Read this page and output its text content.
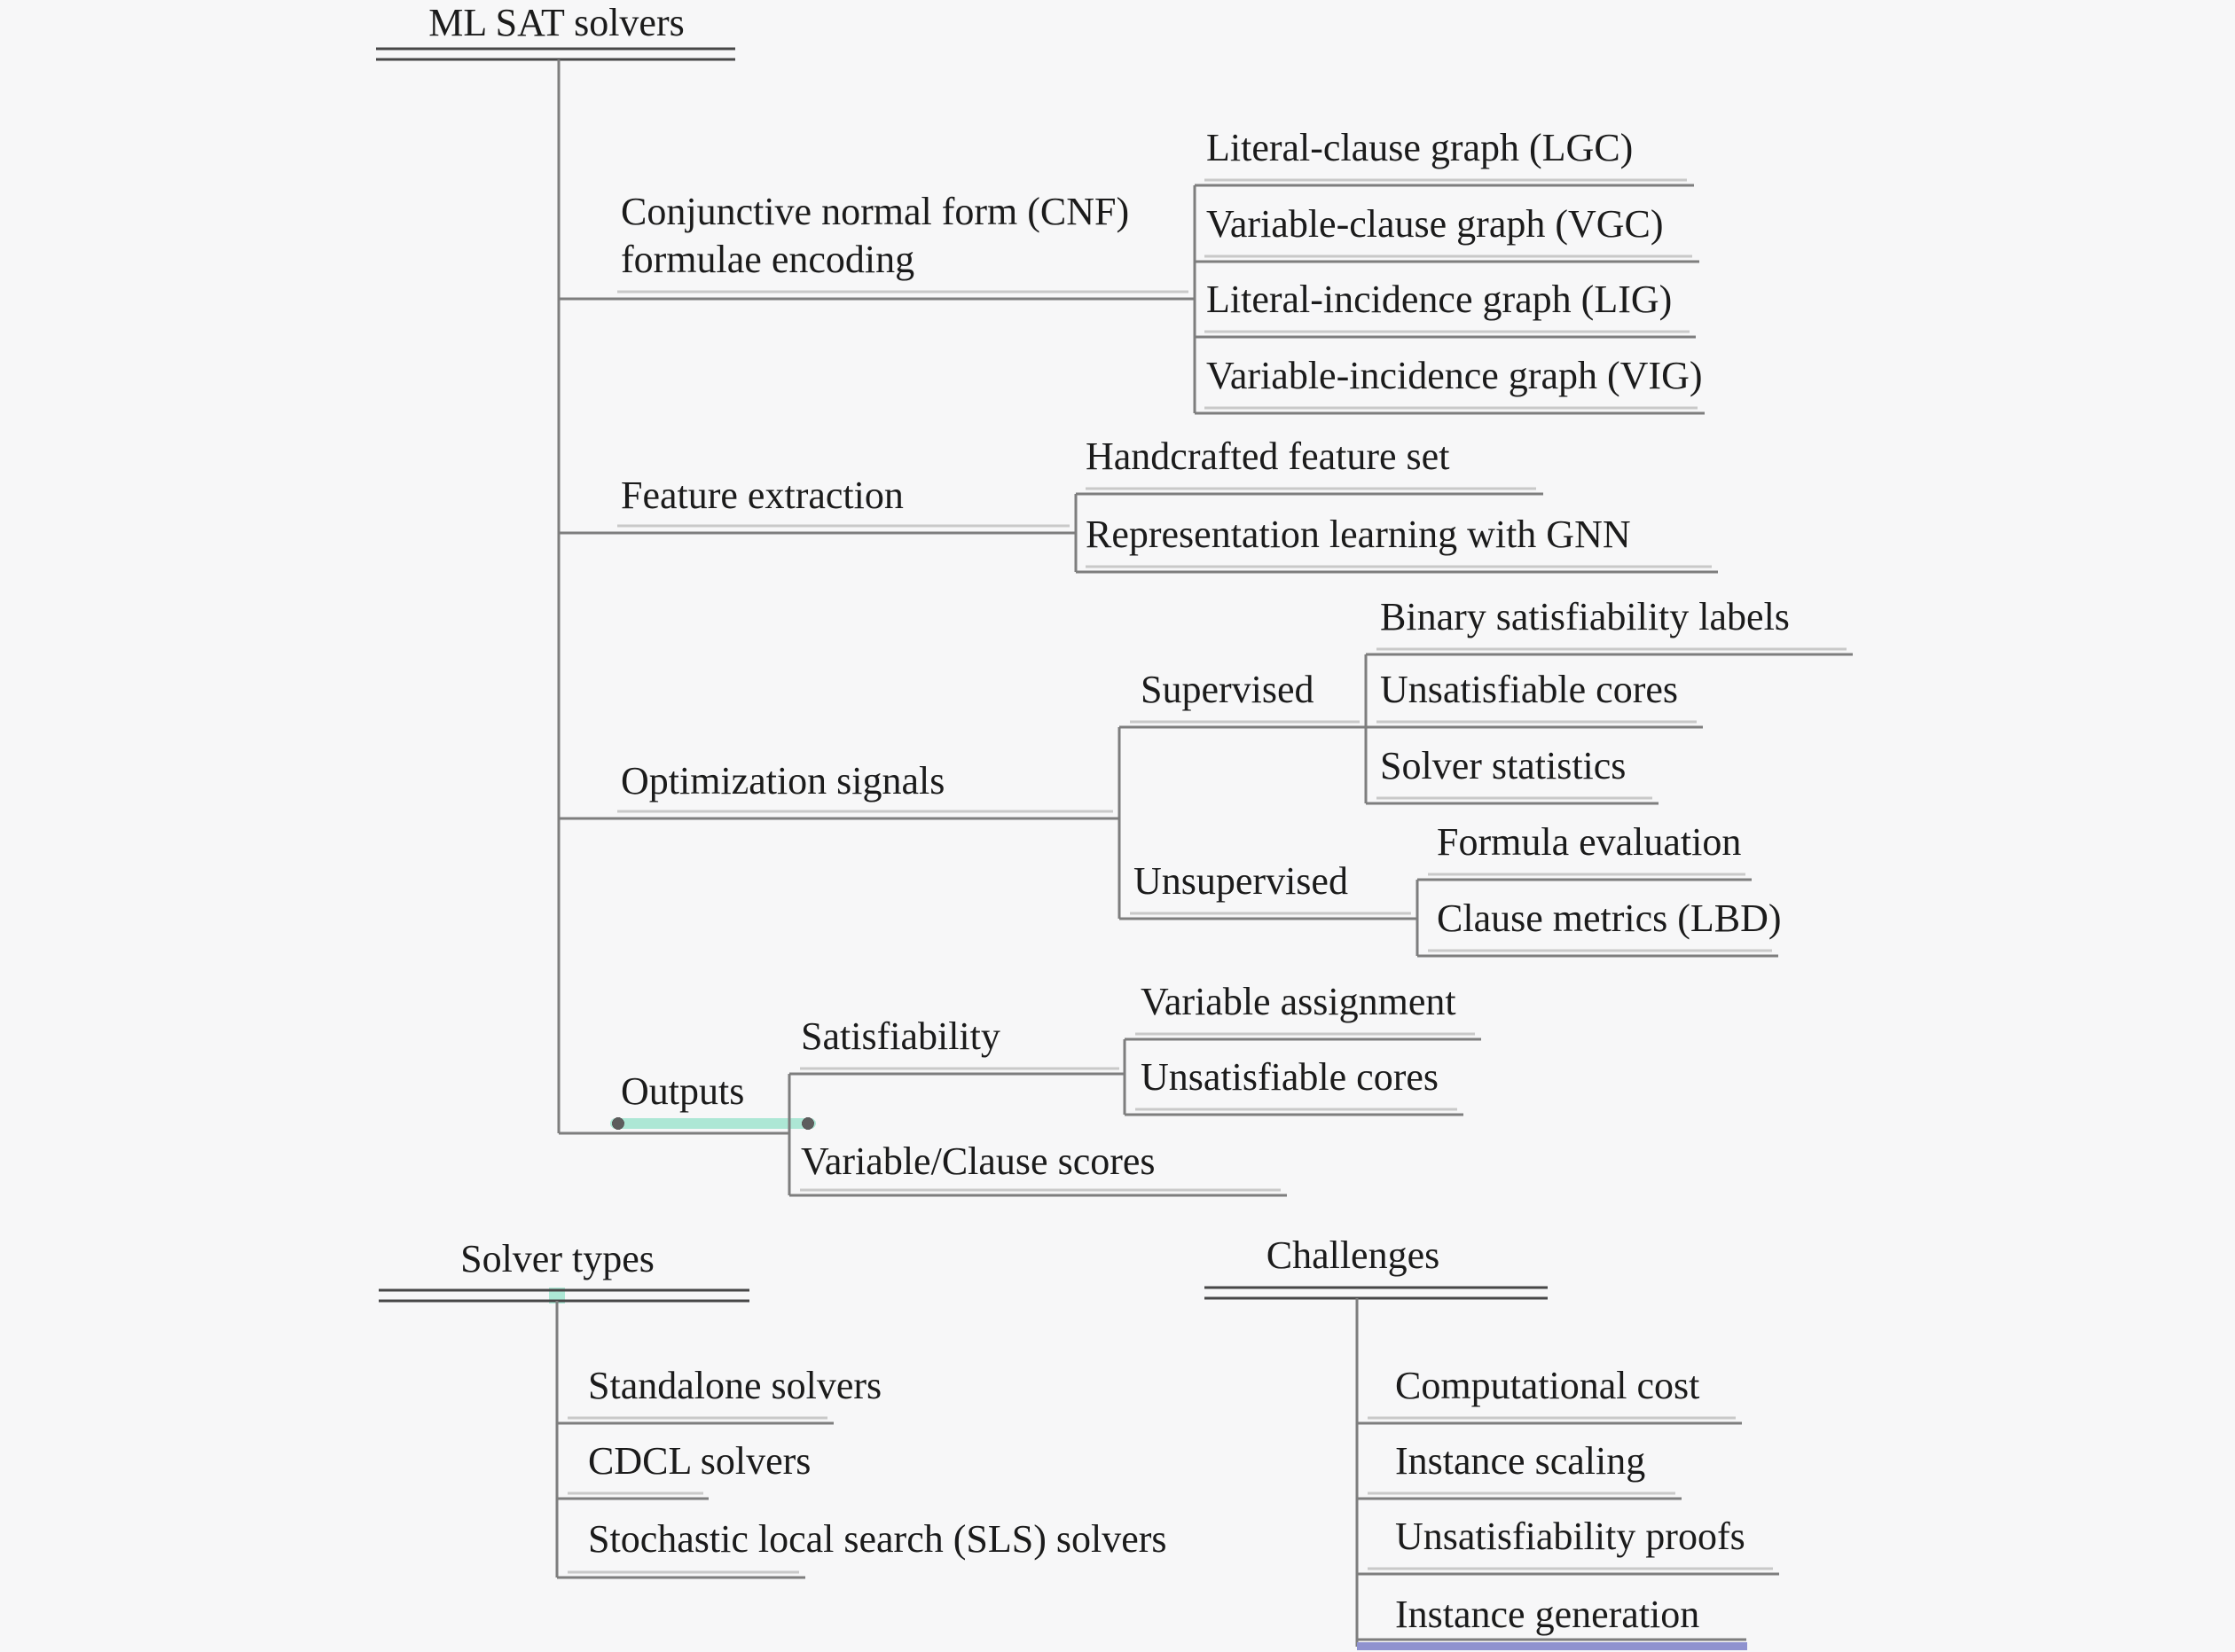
ML SAT solvers
Conjunctive normal form (CNF) formulae encoding
Literal-clause graph (LGC)
Variable-clause graph (VGC)
Literal-incidence graph (LIG)
Variable-incidence graph (VIG)
Feature extraction
Handcrafted feature set
Representation learning with GNN
Optimization signals
Supervised
Binary satisfiability labels
Unsatisfiable cores
Solver statistics
Unsupervised
Formula evaluation
Clause metrics (LBD)
Outputs
Satisfiability
Variable assignment
Unsatisfiable cores
Variable/Clause scores
Solver types
Standalone solvers
CDCL solvers
Stochastic local search (SLS) solvers
Challenges
Computational cost
Instance scaling
Unsatisfiability proofs
Instance generation
